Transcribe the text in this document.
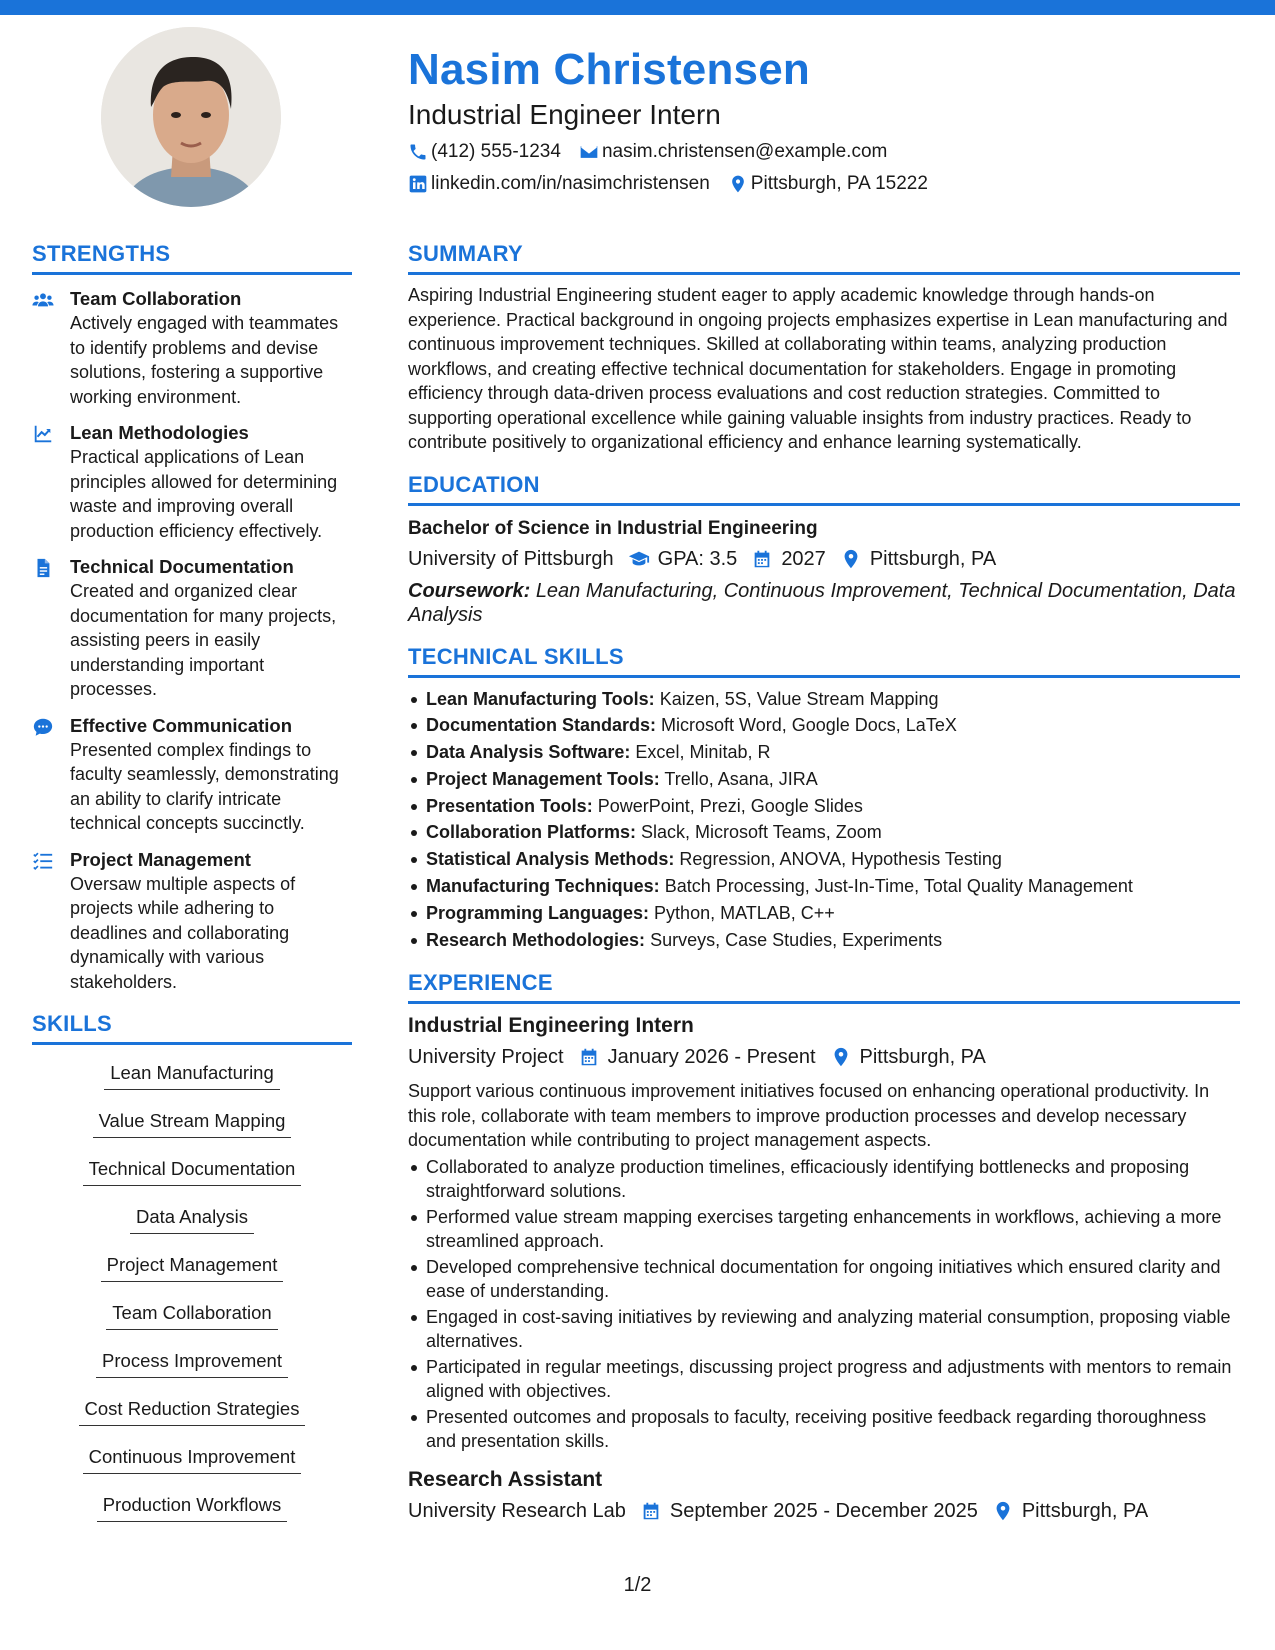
Nasim Christensen
Industrial Engineer Intern
(412) 555-1234 nasim.christensen@example.com
linkedin.com/in/nasimchristensen Pittsburgh, PA 15222
STRENGTHS
Team Collaboration
Actively engaged with teammates to identify problems and devise solutions, fostering a supportive working environment.
Lean Methodologies
Practical applications of Lean principles allowed for determining waste and improving overall production efficiency effectively.
Technical Documentation
Created and organized clear documentation for many projects, assisting peers in easily understanding important processes.
Effective Communication
Presented complex findings to faculty seamlessly, demonstrating an ability to clarify intricate technical concepts succinctly.
Project Management
Oversaw multiple aspects of projects while adhering to deadlines and collaborating dynamically with various stakeholders.
SKILLS
Lean Manufacturing
Value Stream Mapping
Technical Documentation
Data Analysis
Project Management
Team Collaboration
Process Improvement
Cost Reduction Strategies
Continuous Improvement
Production Workflows
SUMMARY
Aspiring Industrial Engineering student eager to apply academic knowledge through hands-on experience. Practical background in ongoing projects emphasizes expertise in Lean manufacturing and continuous improvement techniques. Skilled at collaborating within teams, analyzing production workflows, and creating effective technical documentation for stakeholders. Engage in promoting efficiency through data-driven process evaluations and cost reduction strategies. Committed to supporting operational excellence while gaining valuable insights from industry practices. Ready to contribute positively to organizational efficiency and enhance learning systematically.
EDUCATION
Bachelor of Science in Industrial Engineering
University of Pittsburgh GPA: 3.5 2027 Pittsburgh, PA
Coursework: Lean Manufacturing, Continuous Improvement, Technical Documentation, Data Analysis
TECHNICAL SKILLS
Lean Manufacturing Tools: Kaizen, 5S, Value Stream Mapping
Documentation Standards: Microsoft Word, Google Docs, LaTeX
Data Analysis Software: Excel, Minitab, R
Project Management Tools: Trello, Asana, JIRA
Presentation Tools: PowerPoint, Prezi, Google Slides
Collaboration Platforms: Slack, Microsoft Teams, Zoom
Statistical Analysis Methods: Regression, ANOVA, Hypothesis Testing
Manufacturing Techniques: Batch Processing, Just-In-Time, Total Quality Management
Programming Languages: Python, MATLAB, C++
Research Methodologies: Surveys, Case Studies, Experiments
EXPERIENCE
Industrial Engineering Intern
University Project January 2026 - Present Pittsburgh, PA
Support various continuous improvement initiatives focused on enhancing operational productivity. In this role, collaborate with team members to improve production processes and develop necessary documentation while contributing to project management aspects.
Collaborated to analyze production timelines, efficaciously identifying bottlenecks and proposing straightforward solutions.
Performed value stream mapping exercises targeting enhancements in workflows, achieving a more streamlined approach.
Developed comprehensive technical documentation for ongoing initiatives which ensured clarity and ease of understanding.
Engaged in cost-saving initiatives by reviewing and analyzing material consumption, proposing viable alternatives.
Participated in regular meetings, discussing project progress and adjustments with mentors to remain aligned with objectives.
Presented outcomes and proposals to faculty, receiving positive feedback regarding thoroughness and presentation skills.
Research Assistant
University Research Lab September 2025 - December 2025 Pittsburgh, PA
1/2
